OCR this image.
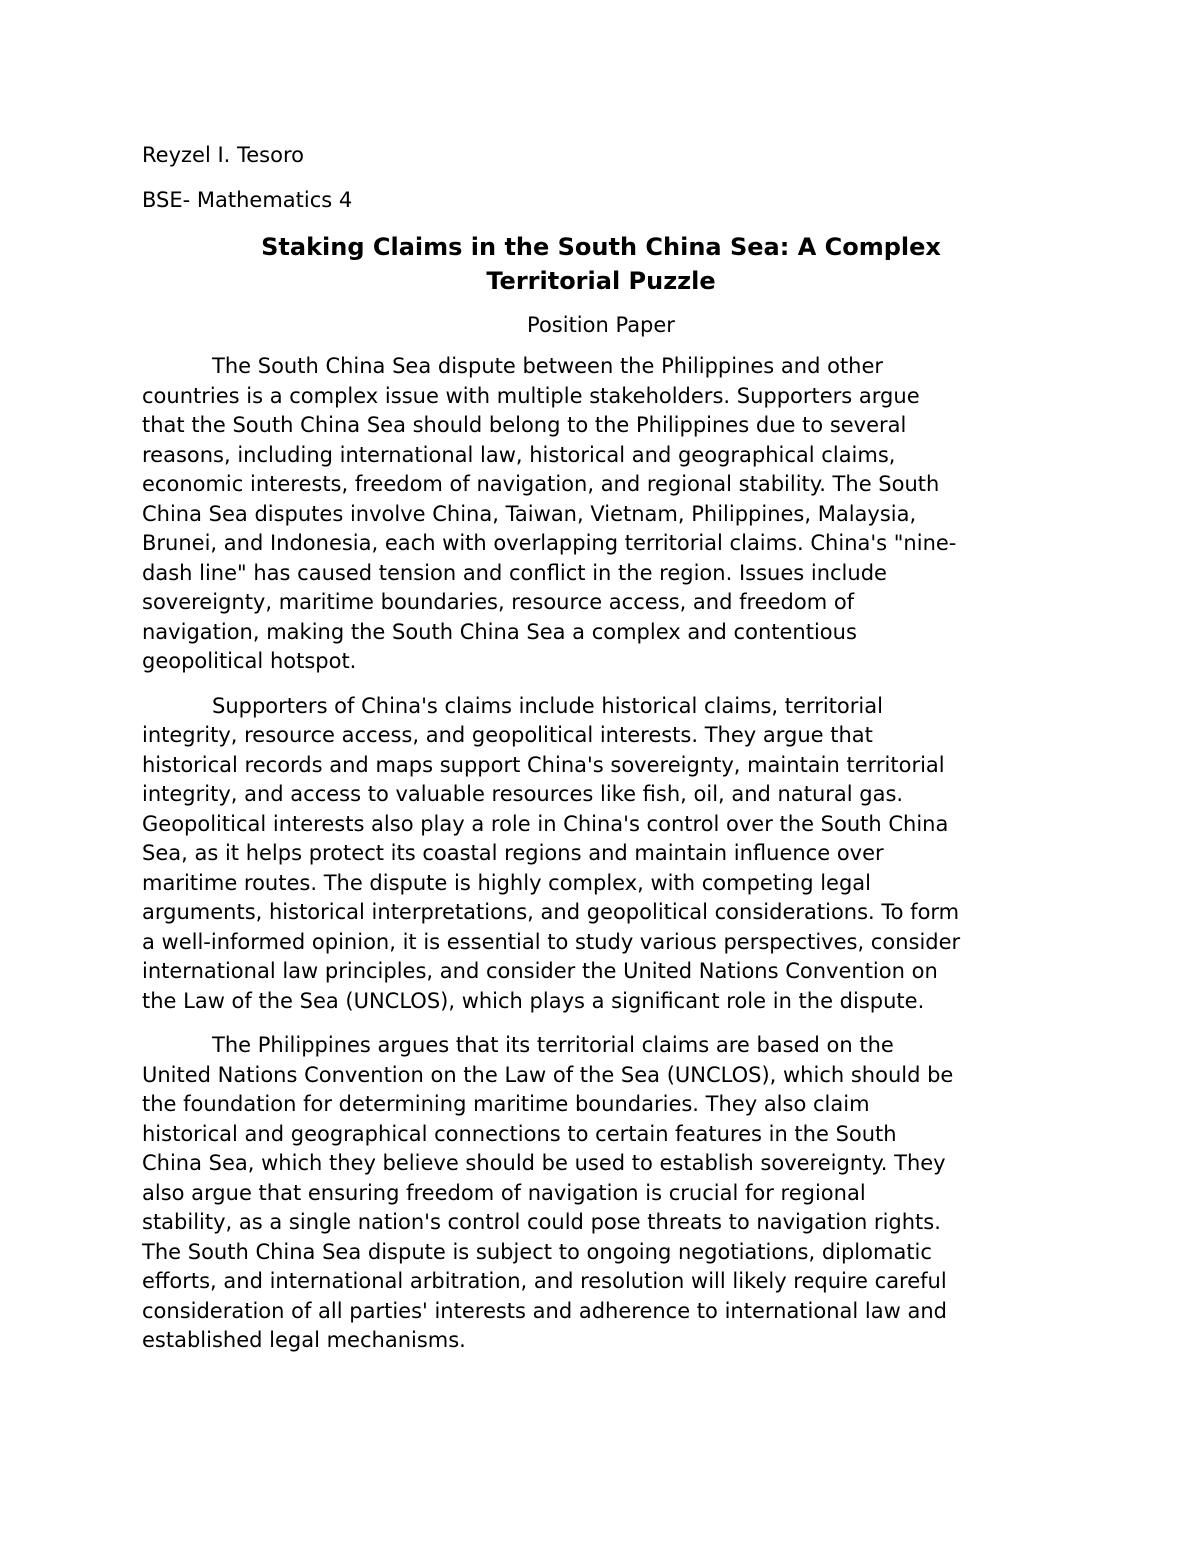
Reyzel I. Tesoro

BSE- Mathematics 4

Staking Claims in the South China Sea: A Complex
Territorial Puzzle

Position Paper

The South China Sea dispute between the Philippines and other
countries is a complex issue with multiple stakeholders. Supporters argue
that the South China Sea should belong to the Philippines due to several
reasons, including international law, historical and geographical claims,
economic interests, freedom of navigation, and regional stability. The South
China Sea disputes involve China, Taiwan, Vietnam, Philippines, Malaysia,
Brunei, and Indonesia, each with overlapping territorial claims. China's "nine-
dash line" has caused tension and conflict in the region. Issues include
sovereignty, maritime boundaries, resource access, and freedom of
navigation, making the South China Sea a complex and contentious
geopolitical hotspot.

Supporters of China's claims include historical claims, territorial
integrity, resource access, and geopolitical interests. They argue that
historical records and maps support China's sovereignty, maintain territorial
integrity, and access to valuable resources like fish, oil, and natural gas.
Geopolitical interests also play a role in China's control over the South China
Sea, as it helps protect its coastal regions and maintain influence over
maritime routes. The dispute is highly complex, with competing legal
arguments, historical interpretations, and geopolitical considerations. To form
a well-informed opinion, it is essential to study various perspectives, consider
international law principles, and consider the United Nations Convention on
the Law of the Sea (UNCLOS), which plays a significant role in the dispute.

The Philippines argues that its territorial claims are based on the
United Nations Convention on the Law of the Sea (UNCLOS), which should be
the foundation for determining maritime boundaries. They also claim
historical and geographical connections to certain features in the South
China Sea, which they believe should be used to establish sovereignty. They
also argue that ensuring freedom of navigation is crucial for regional
stability, as a single nation's control could pose threats to navigation rights.
The South China Sea dispute is subject to ongoing negotiations, diplomatic
efforts, and international arbitration, and resolution will likely require careful
consideration of all parties' interests and adherence to international law and
established legal mechanisms.
